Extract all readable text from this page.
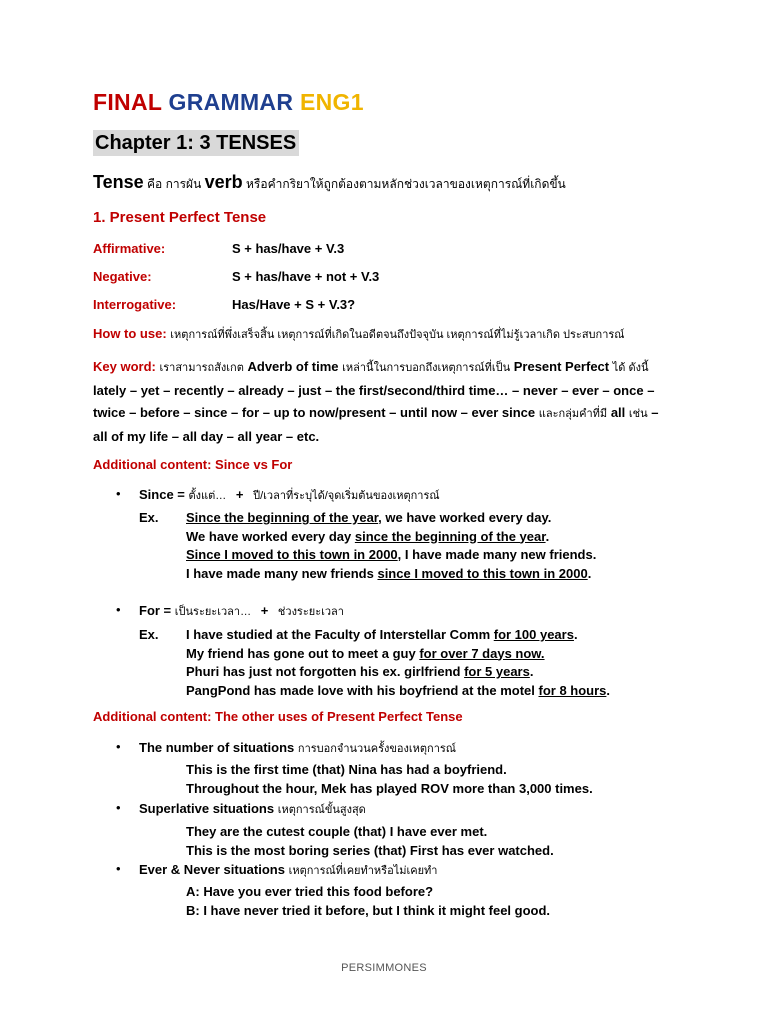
FINAL GRAMMAR ENG1
Chapter 1: 3 TENSES
Tense คือ การผัน verb หรือคำกริยาให้ถูกต้องตามหลักช่วงเวลาของเหตุการณ์ที่เกิดขึ้น
1. Present Perfect Tense
Affirmative:	S + has/have + V.3
Negative:	S + has/have + not + V.3
Interrogative:	Has/Have + S + V.3?
How to use: เหตุการณ์ที่พึ่งเสร็จสิ้น เหตุการณ์ที่เกิดในอดีตจนถึงปัจจุบัน เหตุการณ์ที่ไม่รู้เวลาเกิด ประสบการณ์
Key word: เราสามารถสังเกต Adverb of time เหล่านี้ในการบอกถึงเหตุการณ์ที่เป็น Present Perfect ได้ ดังนี้ lately – yet – recently – already – just – the first/second/third time… – never – ever – once – twice – before – since – for – up to now/present – until now – ever since และกลุ่มคำที่มี all เช่น – all of my life – all day – all year – etc.
Additional content: Since vs For
• Since = ตั้งแต่… + ปี/เวลาที่ระบุได้/จุดเริ่มต้นของเหตุการณ์
Ex. Since the beginning of the year, we have worked every day.
We have worked every day since the beginning of the year.
Since I moved to this town in 2000, I have made many new friends.
I have made many new friends since I moved to this town in 2000.
• For = เป็นระยะเวลา… + ช่วงระยะเวลา
Ex. I have studied at the Faculty of Interstellar Comm for 100 years.
My friend has gone out to meet a guy for over 7 days now.
Phuri has just not forgotten his ex. girlfriend for 5 years.
PangPond has made love with his boyfriend at the motel for 8 hours.
Additional content: The other uses of Present Perfect Tense
• The number of situations การบอกจำนวนครั้งของเหตุการณ์
This is the first time (that) Nina has had a boyfriend.
Throughout the hour, Mek has played ROV more than 3,000 times.
• Superlative situations เหตุการณ์ขั้นสูงสุด
They are the cutest couple (that) I have ever met.
This is the most boring series (that) First has ever watched.
• Ever & Never situations เหตุการณ์ที่เคยทำหรือไม่เคยทำ
A: Have you ever tried this food before?
B: I have never tried it before, but I think it might feel good.
PERSIMMONES
